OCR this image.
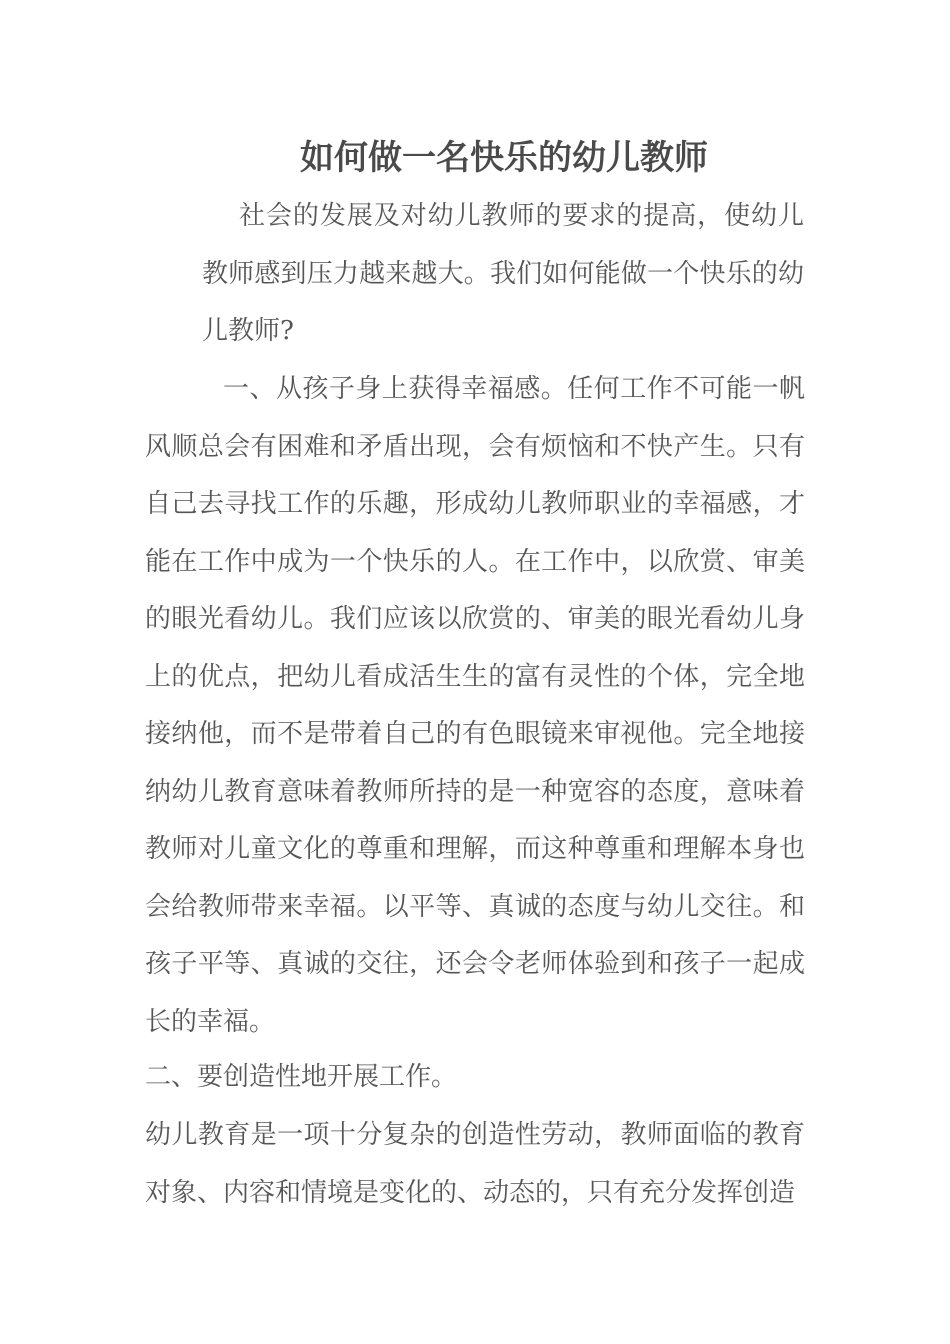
如何做一名快乐的幼儿教师

社会的发展及对幼儿教师的要求的提高，使幼儿教师感到压力越来越大。我们如何能做一个快乐的幼儿教师?

一、从孩子身上获得幸福感。任何工作不可能一帆风顺总会有困难和矛盾出现，会有烦恼和不快产生。只有自己去寻找工作的乐趣，形成幼儿教师职业的幸福感，才能在工作中成为一个快乐的人。在工作中，以欣赏、审美的眼光看幼儿。我们应该以欣赏的、审美的眼光看幼儿身上的优点，把幼儿看成活生生的富有灵性的个体，完全地接纳他，而不是带着自己的有色眼镜来审视他。完全地接纳幼儿教育意味着教师所持的是一种宽容的态度，意味着教师对儿童文化的尊重和理解，而这种尊重和理解本身也会给教师带来幸福。以平等、真诚的态度与幼儿交往。和孩子平等、真诚的交往，还会令老师体验到和孩子一起成长的幸福。

二、要创造性地开展工作。

幼儿教育是一项十分复杂的创造性劳动，教师面临的教育对象、内容和情境是变化的、动态的，只有充分发挥创造
